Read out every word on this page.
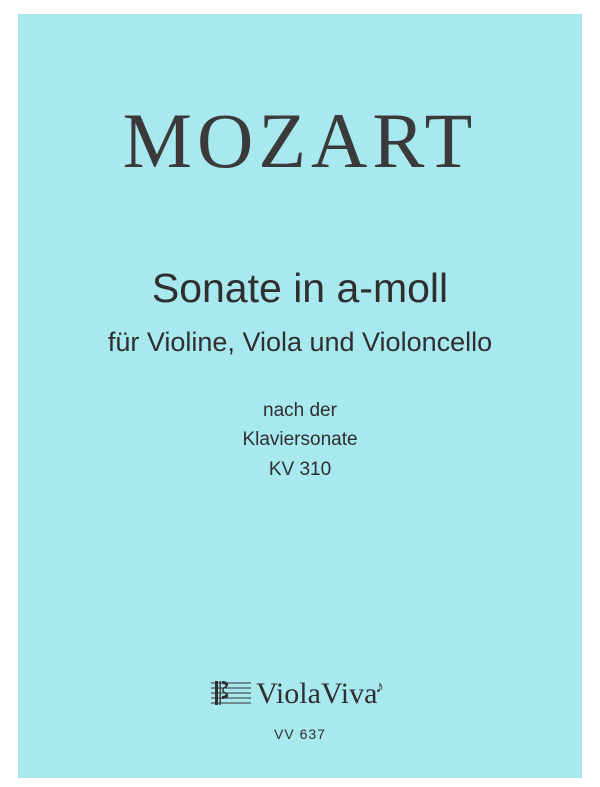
MOZART
Sonate in a-moll
für Violine, Viola und Violoncello
nach der
Klaviersonate
KV 310
ViolaViva
♪
VV 637
